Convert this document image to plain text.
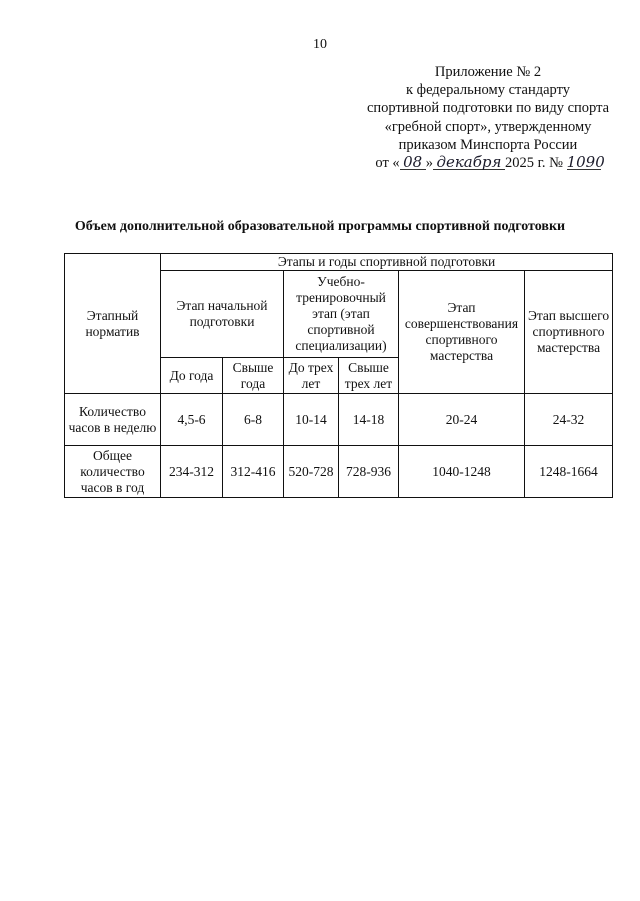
10
Приложение № 2
к федеральному стандарту
спортивной подготовки по виду спорта
«гребной спорт», утвержденному
приказом Минспорта России
от « 08 » декабря 2025 г. № 1090
Объем дополнительной образовательной программы спортивной подготовки
Этапный норматив	Этапы и годы спортивной подготовки					
	Этап начальной подготовки		Учебно-тренировочный этап (этап спортивной специализации)		Этап совершенствования спортивного мастерства	Этап высшего спортивного мастерства
	До года	Свыше года	До трех лет	Свыше трех лет		
Количество часов в неделю	4,5-6	6-8	10-14	14-18	20-24	24-32
Общее количество часов в год	234-312	312-416	520-728	728-936	1040-1248	1248-1664
